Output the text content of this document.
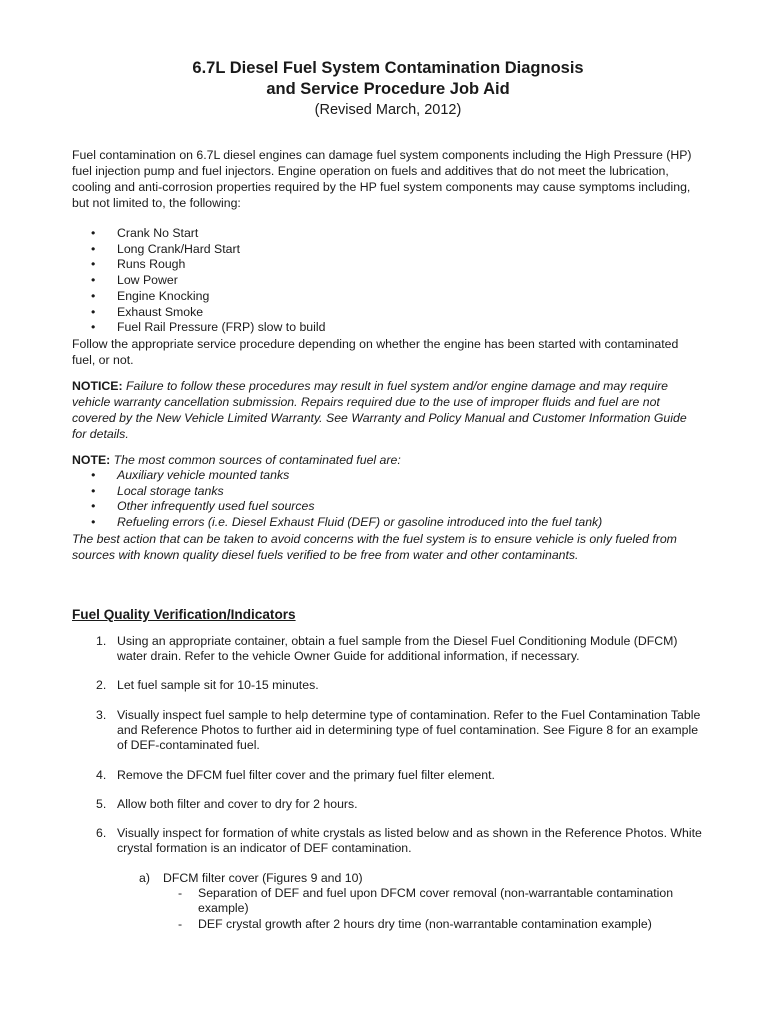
6.7L Diesel Fuel System Contamination Diagnosis
and Service Procedure Job Aid
(Revised March, 2012)

Fuel contamination on 6.7L diesel engines can damage fuel system components including the High Pressure (HP) fuel injection pump and fuel injectors. Engine operation on fuels and additives that do not meet the lubrication, cooling and anti-corrosion properties required by the HP fuel system components may cause symptoms including, but not limited to, the following:

• Crank No Start
• Long Crank/Hard Start
• Runs Rough
• Low Power
• Engine Knocking
• Exhaust Smoke
• Fuel Rail Pressure (FRP) slow to build

Follow the appropriate service procedure depending on whether the engine has been started with contaminated fuel, or not.

NOTICE: Failure to follow these procedures may result in fuel system and/or engine damage and may require vehicle warranty cancellation submission. Repairs required due to the use of improper fluids and fuel are not covered by the New Vehicle Limited Warranty. See Warranty and Policy Manual and Customer Information Guide for details.

NOTE: The most common sources of contaminated fuel are:

• Auxiliary vehicle mounted tanks
• Local storage tanks
• Other infrequently used fuel sources
• Refueling errors (i.e. Diesel Exhaust Fluid (DEF) or gasoline introduced into the fuel tank)

The best action that can be taken to avoid concerns with the fuel system is to ensure vehicle is only fueled from sources with known quality diesel fuels verified to be free from water and other contaminants.

Fuel Quality Verification/Indicators
1. Using an appropriate container, obtain a fuel sample from the Diesel Fuel Conditioning Module (DFCM) water drain. Refer to the vehicle Owner Guide for additional information, if necessary.
2. Let fuel sample sit for 10-15 minutes.
3. Visually inspect fuel sample to help determine type of contamination. Refer to the Fuel Contamination Table and Reference Photos to further aid in determining type of fuel contamination. See Figure 8 for an example of DEF-contaminated fuel.
4. Remove the DFCM fuel filter cover and the primary fuel filter element.
5. Allow both filter and cover to dry for 2 hours.
6. Visually inspect for formation of white crystals as listed below and as shown in the Reference Photos. White crystal formation is an indicator of DEF contamination.
a) DFCM filter cover (Figures 9 and 10)
- Separation of DEF and fuel upon DFCM cover removal (non-warrantable contamination example)
- DEF crystal growth after 2 hours dry time (non-warrantable contamination example)
